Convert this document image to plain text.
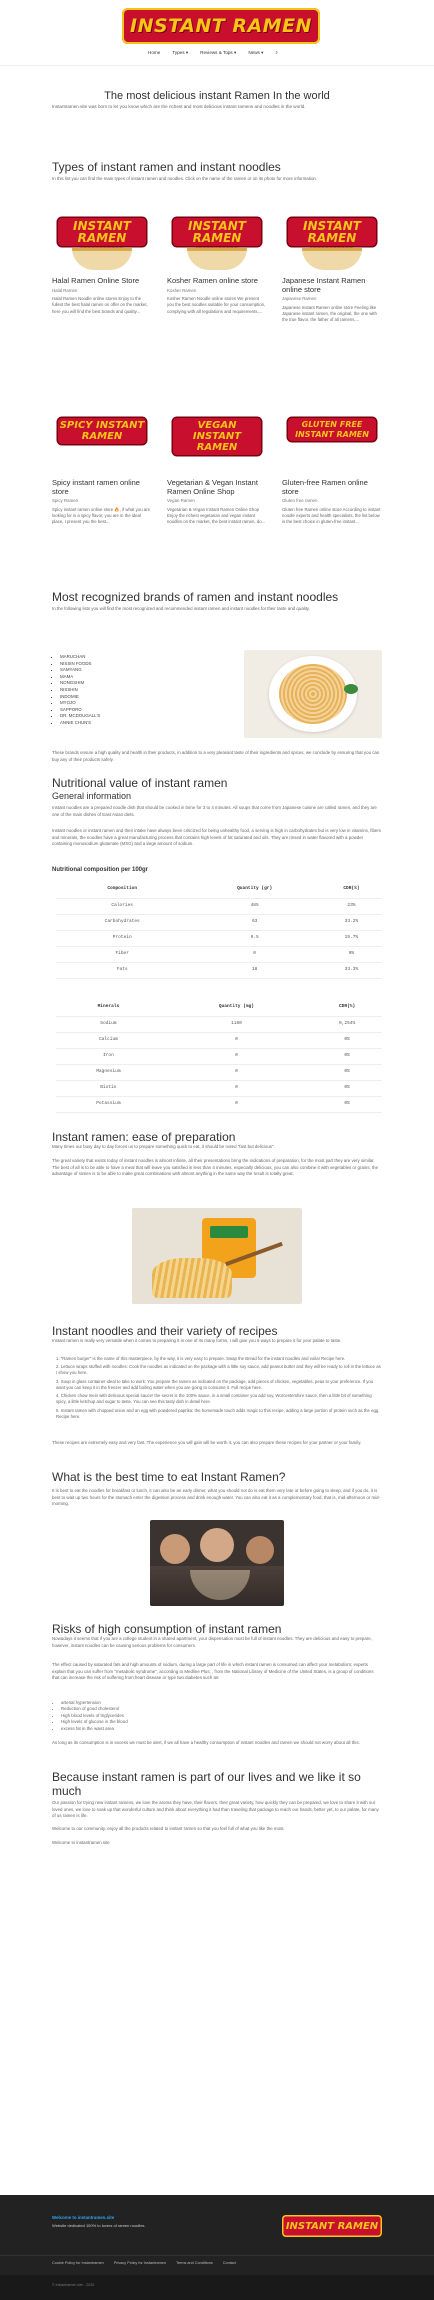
INSTANT RAMEN
Home	Types ▾	Reviews & Tops ▾	News ▾	⌕
The most delicious instant Ramen In the world
Instantramen.site was born to let you know which are the richest and most delicious instant ramens and noodles in the world.
Types of instant ramen and instant noodles
In this list you can find the main types of instant ramen and noodles. Click on the name of the ramen or on its photo for more information.
INSTANT RAMEN
Halal Ramen Online Store
Halal Ramen
Halal Ramen Noodle online stores Enjoy to the fullest the best halal ramen on offer on the market, here you will find the best brands and quality...
INSTANT RAMEN
Kosher Ramen online store
Kosher Ramen
Kosher Ramen Noodle online stores We present you the best noodles suitable for your consumption, complying with all regulations and requirements,...
INSTANT RAMEN
Japanese Instant Ramen online store
Japanese Ramen
Japanese Instant Ramen online store Feeling like Japanese instant ramen, the original, the one with the true flavor, the father of all ramens,...
SPICY INSTANT RAMEN
Spicy instant ramen online store
Spicy Ramen
Spicy instant ramen online store 🔥, if what you are looking for is a spicy flavor, you are in the ideal place, I present you the best...
VEGAN INSTANT RAMEN
Vegetarian & Vegan Instant Ramen Online Shop
Vegan Ramen
Vegetarian & Vegan Instant Ramen Online Shop Enjoy the richest vegetarian and vegan instant noodles on the market, the best instant ramen, do...
GLUTEN FREE INSTANT RAMEN
Gluten-free Ramen online store
Gluten free ramen
Gluten free Ramen online store According to instant noodle experts and health specialists, the list below is the best choice in gluten-free instant...
Most recognized brands of ramen and instant noodles
In the following lists you will find the most recognized and recommended instant ramen and instant noodles for their taste and quality.
▪ MARUCHAN
▪ NISSIN FOODS
▪ SAMYANG
▪ MAMA
▪ NONGSHIM
▪ NISSHIN
▪ INDOMIE
▪ MYOJO
▪ SAPPORO
▪ DR. MCDOUGALL'S
▪ ANNIE CHUN'S
These brands ensure a high quality and health in their products, in addition to a very pleasant taste of their ingredients and spices, we conclude by ensuring that you can buy any of their products safely.
Nutritional value of instant ramen
General information
Instant noodles are a prepared noodle dish that should be cooked in brine for 3 to 4 minutes. All soups that come from Japanese cuisine are called ramen, and they are one of the main dishes of East Asian diets.
Instant noodles or instant ramen and their intake have always been criticized for being unhealthy food, a serving is high in carbohydrates but is very low in vitamins, fibers and minerals, the noodles have a great manufacturing process that contains high levels of fat saturated and oils. They are rinsed in water flavored with a powder containing monosodium glutamate (MSG) and a large amount of sodium.
Nutritional composition per 100gr
Composition	Quantity (gr)	CDR(%)
Calories	485	23%
Carbohydrates	63	33.2%
Protein	9.5	15.7%
Fiber	0	0%
Fats	18	33.3%
Minerals	Quantity (mg)	CDR(%)
Sodium	1160	0,254%
Calcium	0	0%
Iron	0	0%
Magnesium	0	0%
Biotin	0	0%
Potassium	0	0%
Instant ramen: ease of preparation
Many times our busy day to day forces us to prepare something quick to eat, it should be noted "fast but delicious".
The great variety that exists today of instant noodles is almost infinite, all their presentations bring the indications of preparation, for the most part they are very similar. The best of all is to be able to have a meal that will leave you satisfied in less than 4 minutes, especially delicious, you can also combine it with vegetables or grains, the advantage of ramen is to be able to make great combinations with almost anything in the same way the result is totally great.
Instant noodles and their variety of recipes
Instant ramen is really very versatile when it comes to preparing it in one of its many forms, I will give you 5 ways to prepare it for your palate to taste.
1. "Ramen burger" is the name of this masterpiece, by the way, it is very easy to prepare. Swap the Bread for the instant noodles and voila! Recipe here.
2. Lettuce wraps stuffed with noodles: Cook the noodles as indicated on the package with a little soy sauce, add peanut butter and they will be ready to roll in the lettuce as I show you here.
3. Soup in glass container ideal to take to work: You prepare the ramen as indicated on the package, add pieces of chicken, vegetables, peas to your preference. If you want you can keep it in the freezer and add boiling water when you are going to consume it. Full recipe here.
4. Chicken chow mein with delicious special sauce! the secret is the 100% sauce, in a small container you add soy, Worcestershire sauce, then a little bit of something spicy, a little ketchup and sugar to taste. You can see this tasty dish in detail here.
5. Instant ramen with chopped onion and an egg with powdered paprika: the homemade touch adds magic to this recipe, adding a large portion of protein such as the egg. Recipe here.
These recipes are extremely easy and very fast. The experience you will gain will be worth it, you can also prepare these recipes for your partner or your family.
What is the best time to eat Instant Ramen?
It is best to eat the noodles for breakfast or lunch, it can also be an early dinner, what you should not do is eat them very late or before going to sleep, and if you do, it is best to wait up two hours for the stomach enter the digestion process and drink enough water. You can also eat it as a complementary food, that is, mid-afternoon or mid-morning.
Risks of high consumption of instant ramen
Nowadays it seems that if you are a college student in a shared apartment, your dispensation must be full of instant noodles. They are delicious and easy to prepare, however, instant noodles can be causing serious problems for consumers.
The effect caused by saturated fats and high amounts of sodium, during a large part of life in which instant ramen is consumed can affect your metabolism; experts explain that you can suffer from "metabolic syndrome", according to Medline Plus, , from the National Library of Medicine of the United States, is a group of conditions that can increase the risk of suffering from heart disease or type two diabetes such as:
• arterial hypertension
• Reduction of good cholesterol
• High blood levels of triglycerides
• High levels of glucose in the blood
• excess fat in the waist area
As long as its consumption is in excess we must be alert, if we all have a healthy consumption of instant noodles and ramen we should not worry about all this.
Because instant ramen is part of our lives and we like it so much
Our passion for trying new instant ramens, we love the aroma they have, their flavors, their great variety, how quickly they can be prepared, we love to share it with our loved ones, we love to soak up that wonderful culture and think about everything it had than traveling that package to reach our hands, better yet, to our palate, for many of us ramen is life.
Welcome to our community, enjoy all the products related to instant ramen so that you feel full of what you like the most.
Welcome to instantramen.site
Welcome to instantramen.site
Website dedicated 100% to lovers of ramen noodles.	INSTANT RAMEN
Cookie Policy for Instantramen	Privacy Policy for Instantramen	Terms and Conditions	Contact
© instantramen.site - 2020
